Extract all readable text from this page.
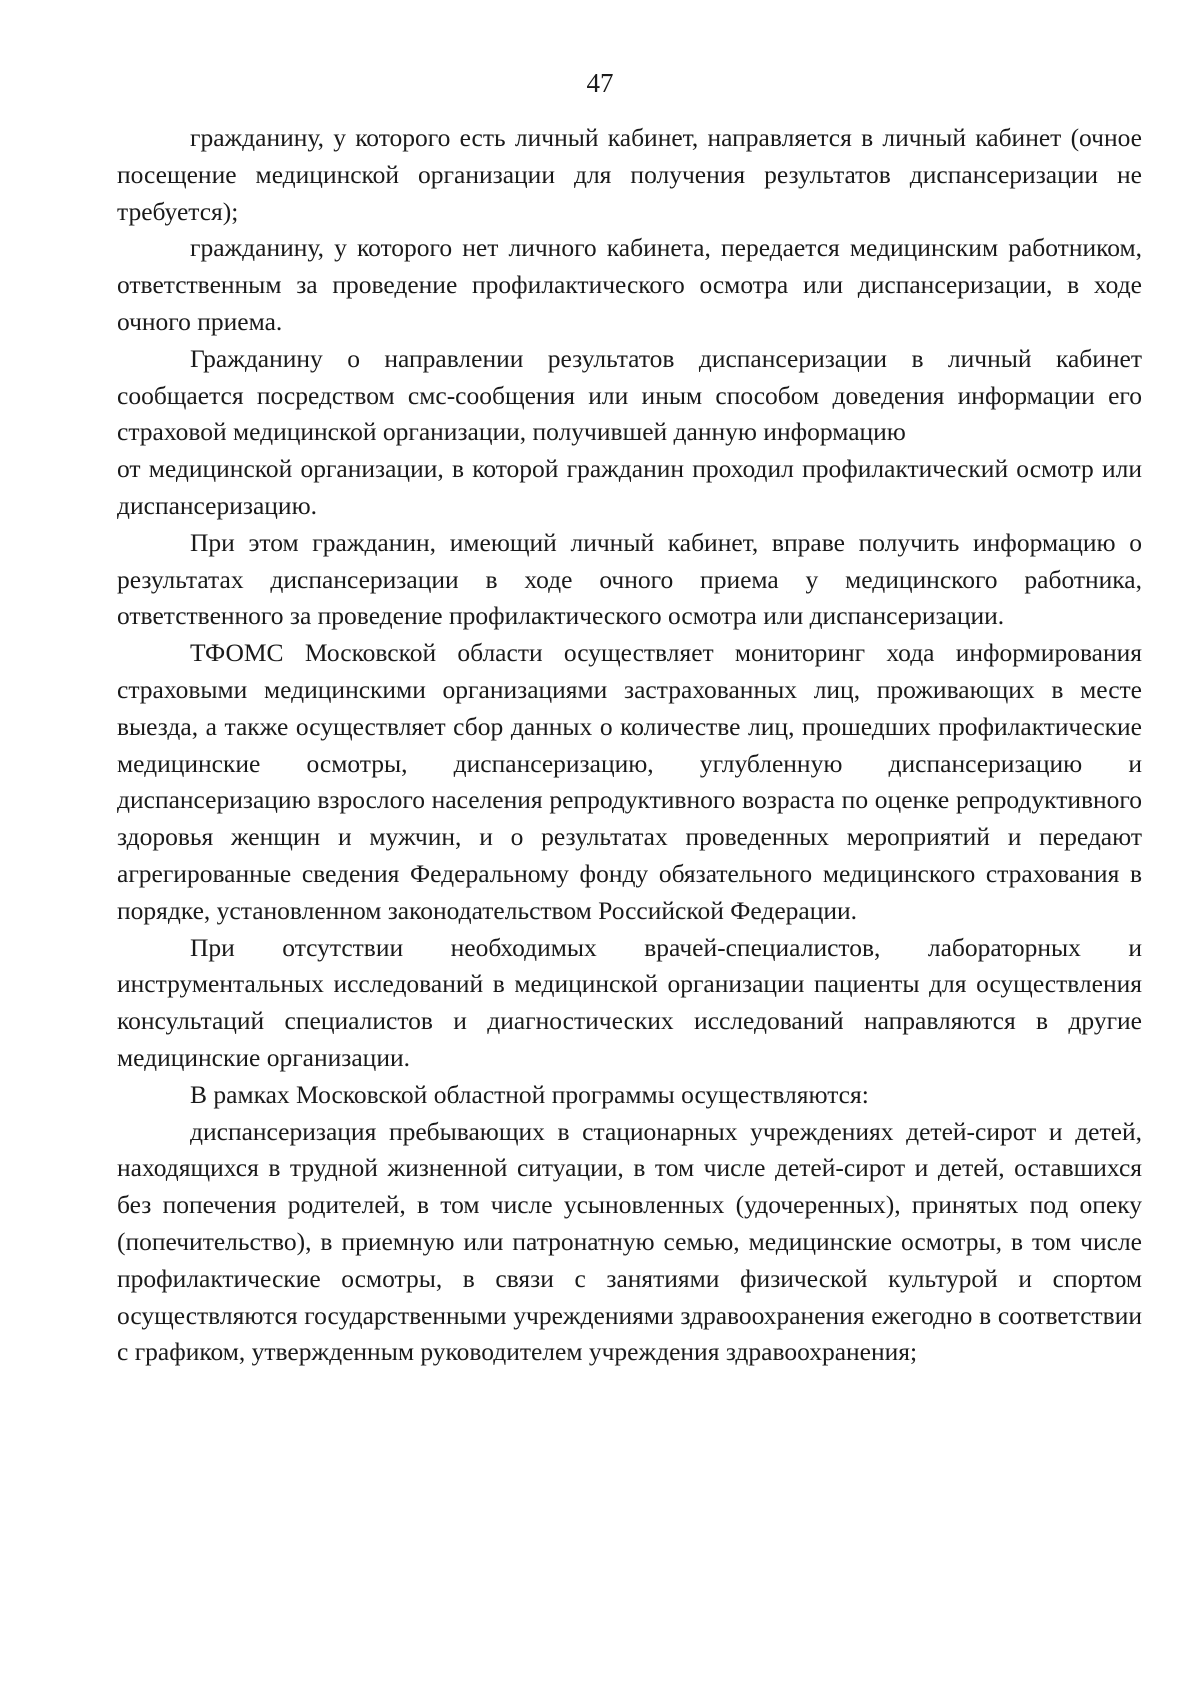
47

гражданину, у которого есть личный кабинет, направляется в личный кабинет (очное посещение медицинской организации для получения результатов диспансеризации не требуется);

гражданину, у которого нет личного кабинета, передается медицинским работником, ответственным за проведение профилактического осмотра или диспансеризации, в ходе очного приема.

Гражданину о направлении результатов диспансеризации в личный кабинет сообщается посредством смс-сообщения или иным способом доведения информации его страховой медицинской организации, получившей данную информацию

от медицинской организации, в которой гражданин проходил профилактический осмотр или диспансеризацию.

При этом гражданин, имеющий личный кабинет, вправе получить информацию о результатах диспансеризации в ходе очного приема у медицинского работника, ответственного за проведение профилактического осмотра или диспансеризации.

ТФОМС Московской области осуществляет мониторинг хода информирования страховыми медицинскими организациями застрахованных лиц, проживающих в месте выезда, а также осуществляет сбор данных о количестве лиц, прошедших профилактические медицинские осмотры, диспансеризацию, углубленную диспансеризацию и диспансеризацию взрослого населения репродуктивного возраста по оценке репродуктивного здоровья женщин и мужчин, и о результатах проведенных мероприятий и передают агрегированные сведения Федеральному фонду обязательного медицинского страхования в порядке, установленном законодательством Российской Федерации.

При отсутствии необходимых врачей-специалистов, лабораторных и инструментальных исследований в медицинской организации пациенты для осуществления консультаций специалистов и диагностических исследований направляются в другие медицинские организации.

В рамках Московской областной программы осуществляются:

диспансеризация пребывающих в стационарных учреждениях детей-сирот и детей, находящихся в трудной жизненной ситуации, в том числе детей-сирот и детей, оставшихся без попечения родителей, в том числе усыновленных (удочеренных), принятых под опеку (попечительство), в приемную или патронатную семью, медицинские осмотры, в том числе профилактические осмотры, в связи с занятиями физической культурой и спортом осуществляются государственными учреждениями здравоохранения ежегодно в соответствии с графиком, утвержденным руководителем учреждения здравоохранения;
